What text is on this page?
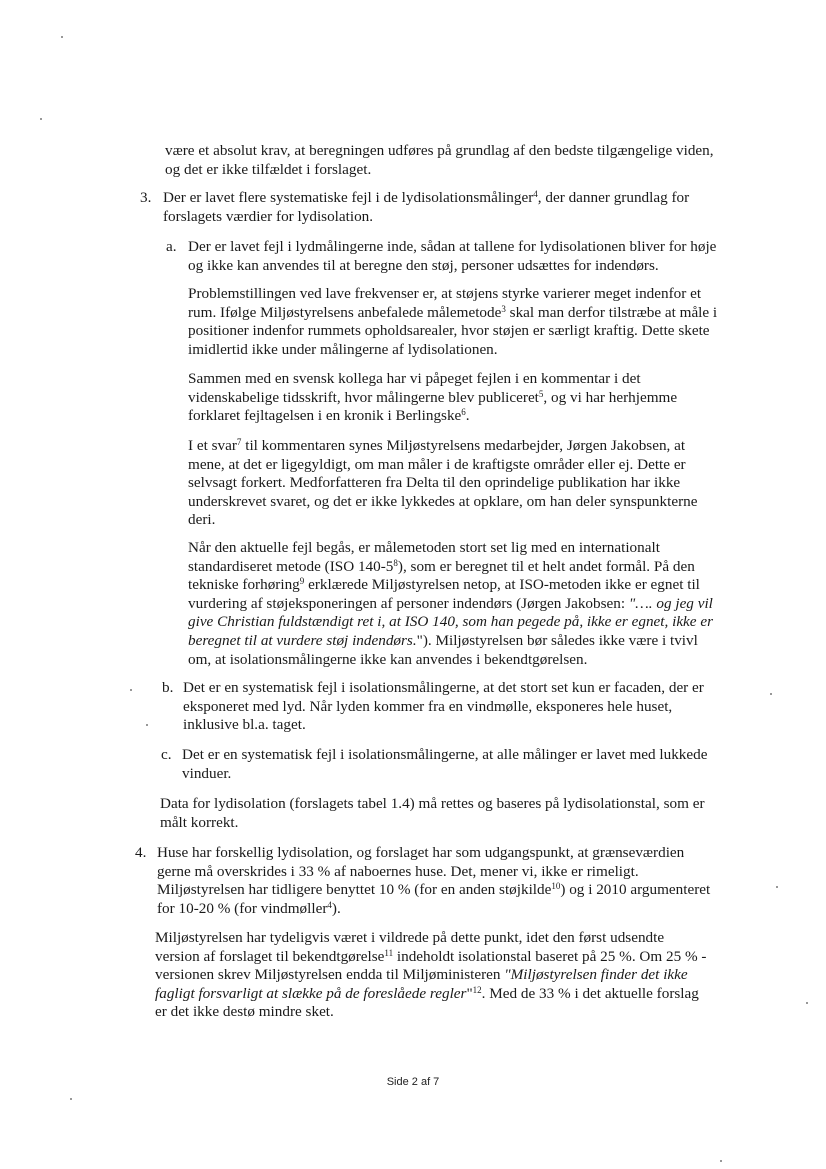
være et absolut krav, at beregningen udføres på grundlag af den bedste tilgængelige viden,

og det er ikke tilfældet i forslaget.

3. Der er lavet flere systematiske fejl i de lydisolationsmålinger$^4$, der danner grundlag for

forslagets værdier for lydisolation.

a. Der er lavet fejl i lydmålingerne inde, sådan at tallene for lydisolationen bliver for høje

og ikke kan anvendes til at beregne den støj, personer udsættes for indendørs.

Problemstillingen ved lave frekvenser er, at støjens styrke varierer meget indenfor et

rum. Ifølge Miljøstyrelsens anbefalede målemetode$^3$ skal man derfor tilstræbe at måle i

positioner indenfor rummets opholdsarealer, hvor støjen er særligt kraftig. Dette skete

imidlertid ikke under målingerne af lydisolationen.

Sammen med en svensk kollega har vi påpeget fejlen i en kommentar i det

videnskabelige tidsskrift, hvor målingerne blev publiceret$^5$, og vi har herhjemme

forklaret fejltagelsen i en kronik i Berlingske$^6$.

I et svar$^7$ til kommentaren synes Miljøstyrelsens medarbejder, Jørgen Jakobsen, at

mene, at det er ligegyldigt, om man måler i de kraftigste områder eller ej. Dette er

selvsagt forkert. Medforfatteren fra Delta til den oprindelige publikation har ikke

underskrevet svaret, og det er ikke lykkedes at opklare, om han deler synspunkterne

deri.

Når den aktuelle fejl begås, er målemetoden stort set lig med en internationalt

standardiseret metode (ISO $140-5^8$), som er beregnet til et helt andet formål. På den

tekniske forhøring$^9$ erklærede Miljøstyrelsen netop, at ISO-metoden ikke er egnet til

vurdering af støjeksponeringen af personer indendørs (Jørgen Jakobsen: "…. og jeg vil

give Christian fuldstændigt ret i, at ISO 140, som han pegede på, ikke er egnet, ikke er

beregnet til at vurdere støj indendørs."). Miljøstyrelsen bør således ikke være i tvivl

om, at isolationsmålingerne ikke kan anvendes i bekendtgørelsen.

b. Det er en systematisk fejl i isolationsmålingerne, at det stort set kun er facaden, der er

eksponeret med lyd. Når lyden kommer fra en vindmølle, eksponeres hele huset,

inklusive bl.a. taget.

c. Det er en systematisk fejl i isolationsmålingerne, at alle målinger er lavet med lukkede

vinduer.

Data for lydisolation (forslagets tabel 1.4) må rettes og baseres på lydisolationstal, som er

målt korrekt.

4. Huse har forskellig lydisolation, og forslaget har som udgangspunkt, at grænseværdien

gerne må overskrides i 33 % af naboernes huse. Det, mener vi, ikke er rimeligt.

Miljøstyrelsen har tidligere benyttet 10 % (for en anden støjkilde$^{10}$) og i 2010 argumenteret

for 10-20 % (for vindmøller$^4$).

Miljøstyrelsen har tydeligvis været i vildrede på dette punkt, idet den først udsendte

version af forslaget til bekendtgørelse$^{11}$ indeholdt isolationstal baseret på 25 %. Om 25 % -

versionen skrev Miljøstyrelsen endda til Miljøministeren "Miljøstyrelsen finder det ikke

fagligt forsvarligt at slække på de foreslåede regler"$^{12}$. Med de 33 % i det aktuelle forslag

er det ikke destø mindre sket.

Side 2 af 7
